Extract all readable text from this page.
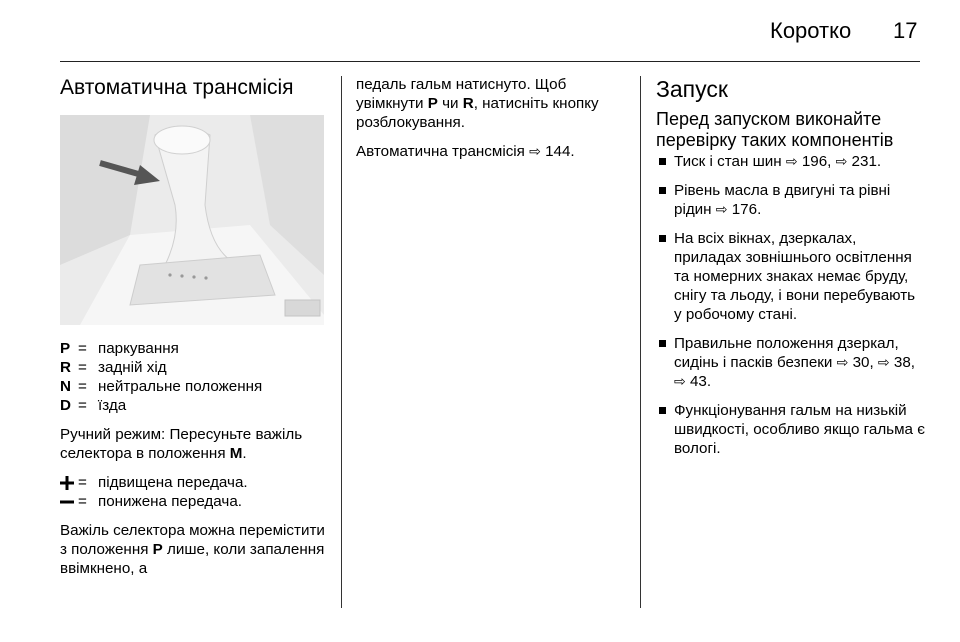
Коротко 17
Автоматична трансмісія
P = паркування
R = задній хід
N = нейтральне положення
D = їзда

Ручний режим: Пересуньте важіль селектора в положення M.

= підвищена передача.
= понижена передача.

Важіль селектора можна перемістити з положення P лише, коли запалення ввімкнено, а

педаль гальм натиснуто. Щоб увімкнути P чи R, натисніть кнопку розблокування.

Автоматична трансмісія ⇨ 144.

Запуск
Перед запуском виконайте перевірку таких компонентів
Тиск і стан шин ⇨ 196, ⇨ 231.
Рівень масла в двигуні та рівні рідин ⇨ 176.
На всіх вікнах, дзеркалах, приладах зовнішнього освітлення та номерних знаках немає бруду, снігу та льоду, і вони перебувають у робочому стані.
Правильне положення дзеркал, сидінь і пасків безпеки ⇨ 30, ⇨ 38, ⇨ 43.
Функціонування гальм на низькій швидкості, особливо якщо гальма є вологі.
